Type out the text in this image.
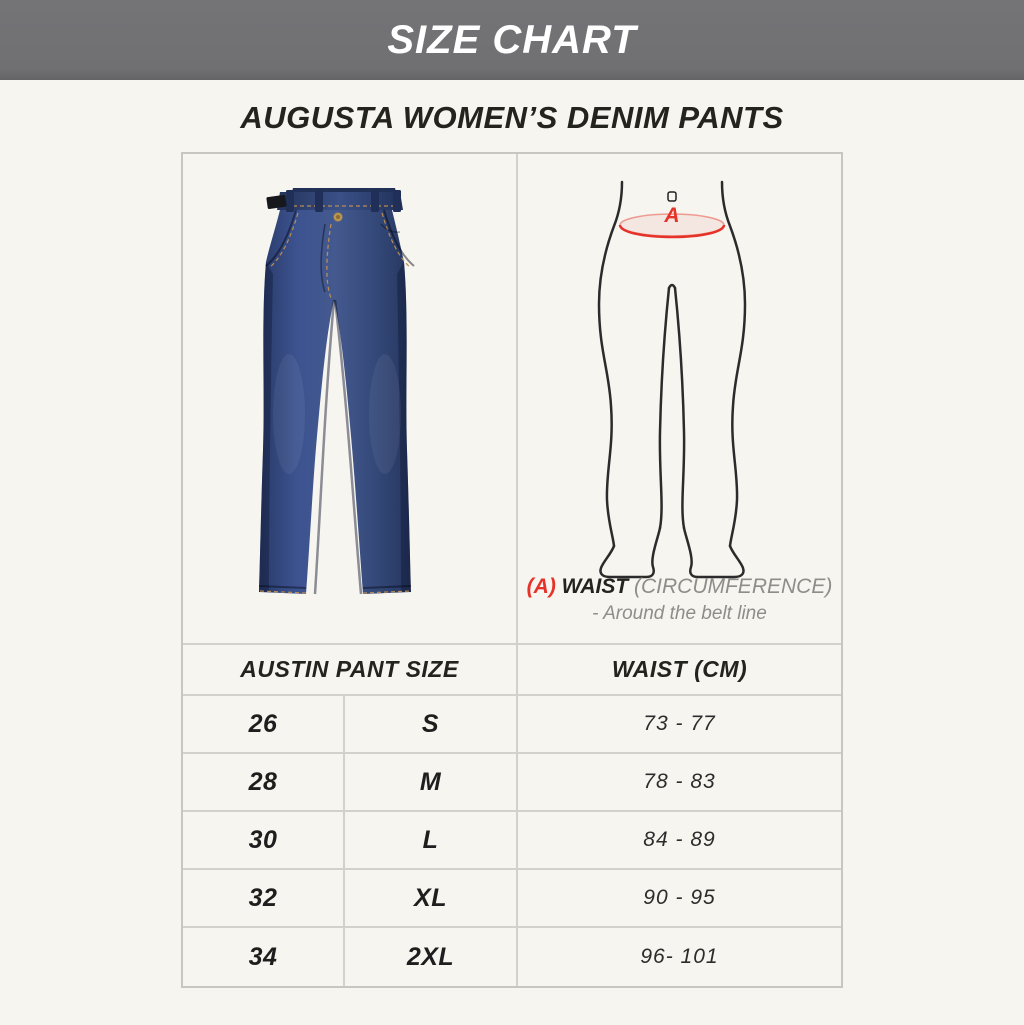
SIZE CHART
AUGUSTA WOMEN’S DENIM PANTS
A
(A) WAIST (CIRCUMFERENCE)
- Around the belt line
AUSTIN PANT SIZE	WAIST (CM)
26	S	73 - 77
28	M	78 - 83
30	L	84 - 89
32	XL	90 - 95
34	2XL	96- 101
